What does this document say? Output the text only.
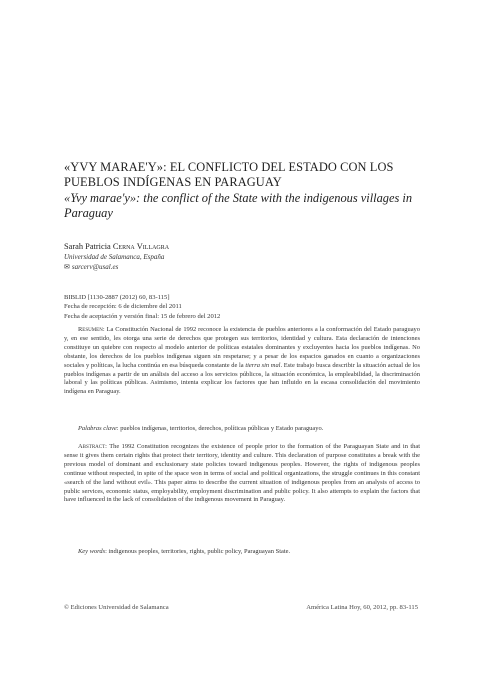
«YVY MARAE'Y»: EL CONFLICTO DEL ESTADO CON LOS PUEBLOS INDÍGENAS EN PARAGUAY
«Yvy marae'y»: the conflict of the State with the indigenous villages in Paraguay
Sarah Patricia Cerna Villagra
Universidad de Salamanca, España
✉ sarcerv@usal.es
BIBLID [1130-2887 (2012) 60, 83-115]
Fecha de recepción: 6 de diciembre del 2011
Fecha de aceptación y versión final: 15 de febrero del 2012

Resumen: La Constitución Nacional de 1992 reconoce la existencia de pueblos anteriores a la conformación del Estado paraguayo y, en ese sentido, les otorga una serie de derechos que protegen sus territorios, identidad y cultura. Esta declaración de intenciones constituye un quiebre con respecto al modelo anterior de políticas estatales dominantes y excluyentes hacia los pueblos indígenas. No obstante, los derechos de los pueblos indígenas siguen sin respetarse; y a pesar de los espacios ganados en cuanto a organizaciones sociales y políticas, la lucha continúa en esa búsqueda constante de la tierra sin mal. Este trabajo busca describir la situación actual de los pueblos indígenas a partir de un análisis del acceso a los servicios públicos, la situación económica, la empleabilidad, la discriminación laboral y las políticas públicas. Asimismo, intenta explicar los factores que han influido en la escasa consolidación del movimiento indígena en Paraguay.

Palabras clave: pueblos indígenas, territorios, derechos, políticas públicas y Estado paraguayo.

Abstract: The 1992 Constitution recognizes the existence of people prior to the formation of the Paraguayan State and in that sense it gives them certain rights that protect their territory, identity and culture. This declaration of purpose constitutes a break with the previous model of dominant and exclusionary state policies toward indigenous peoples. However, the rights of indigenous peoples continue without respected, in spite of the space won in terms of social and political organizations, the struggle continues in this constant «search of the land without evil». This paper aims to describe the current situation of indigenous peoples from an analysis of access to public services, economic status, employability, employment discrimination and public policy. It also attempts to explain the factors that have influenced in the lack of consolidation of the indigenous movement in Paraguay.

Key words: indigenous peoples, territories, rights, public policy, Paraguayan State.

© Ediciones Universidad de Salamanca	América Latina Hoy, 60, 2012, pp. 83-115
